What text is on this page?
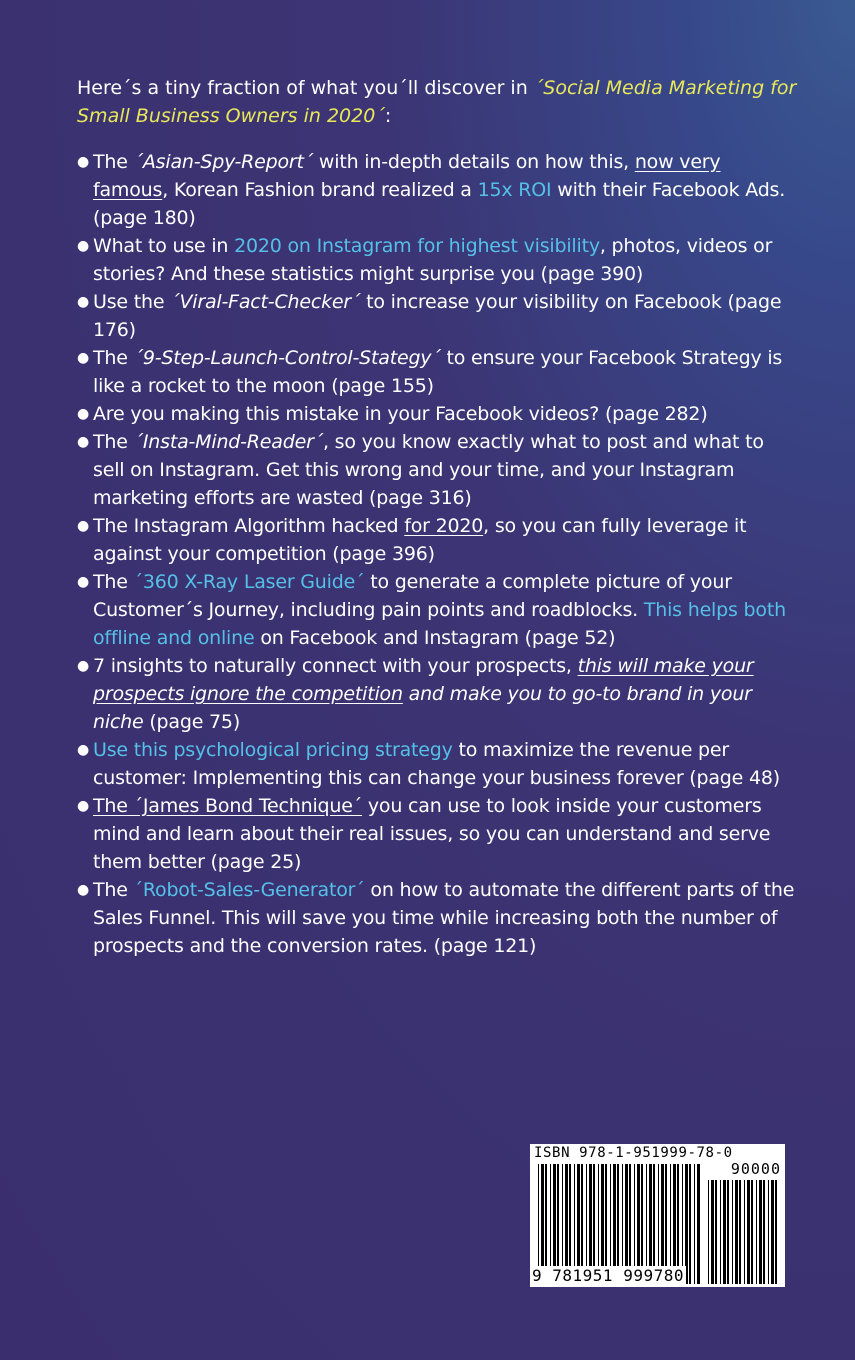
Here´s a tiny fraction of what you´ll discover in ´Social Media Marketing for Small Business Owners in 2020´:

● The ´Asian-Spy-Report´ with in-depth details on how this, now very famous, Korean Fashion brand realized a 15x ROI with their Facebook Ads. (page 180)
● What to use in 2020 on Instagram for highest visibility, photos, videos or stories? And these statistics might surprise you (page 390)
● Use the ´Viral-Fact-Checker´ to increase your visibility on Facebook (page 176)
● The ´9-Step-Launch-Control-Stategy´ to ensure your Facebook Strategy is like a rocket to the moon (page 155)
● Are you making this mistake in your Facebook videos? (page 282)
● The ´Insta-Mind-Reader´, so you know exactly what to post and what to sell on Instagram. Get this wrong and your time, and your Instagram marketing efforts are wasted (page 316)
● The Instagram Algorithm hacked for 2020, so you can fully leverage it against your competition (page 396)
● The ´360 X-Ray Laser Guide´ to generate a complete picture of your Customer´s Journey, including pain points and roadblocks. This helps both offline and online on Facebook and Instagram (page 52)
● 7 insights to naturally connect with your prospects, this will make your prospects ignore the competition and make you to go-to brand in your niche (page 75)
● Use this psychological pricing strategy to maximize the revenue per customer: Implementing this can change your business forever (page 48)
● The ´James Bond Technique´ you can use to look inside your customers mind and learn about their real issues, so you can understand and serve them better (page 25)
● The ´Robot-Sales-Generator´ on how to automate the different parts of the Sales Funnel. This will save you time while increasing both the number of prospects and the conversion rates. (page 121)
ISBN 978-1-951999-78-0
90000
9 781951 999780
